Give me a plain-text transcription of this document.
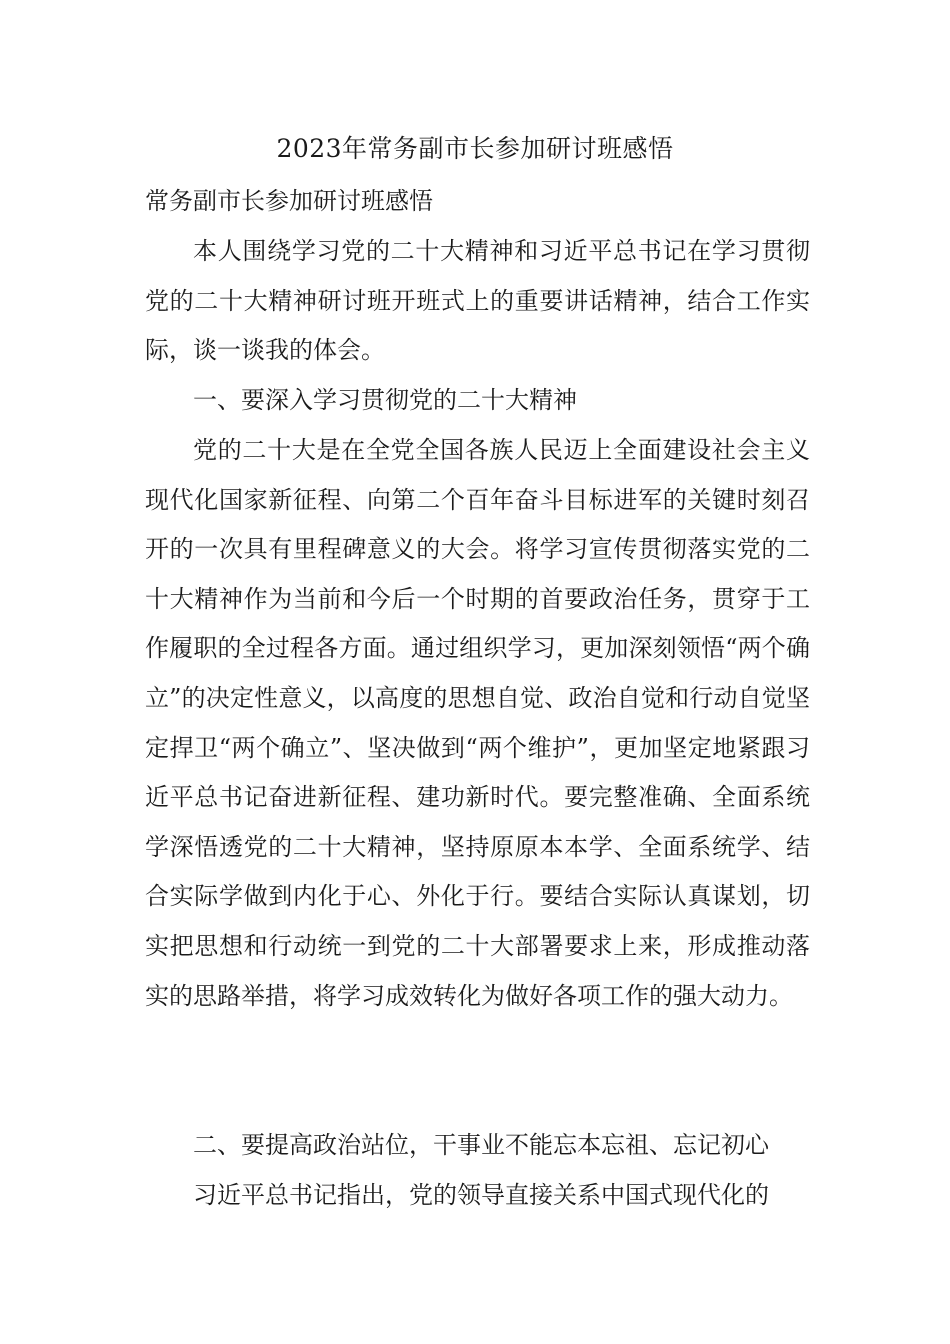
2023年常务副市长参加研讨班感悟
常务副市长参加研讨班感悟

本人围绕学习党的二十大精神和习近平总书记在学习贯彻党的二十大精神研讨班开班式上的重要讲话精神，结合工作实际，谈一谈我的体会。

一、要深入学习贯彻党的二十大精神

党的二十大是在全党全国各族人民迈上全面建设社会主义现代化国家新征程、向第二个百年奋斗目标进军的关键时刻召开的一次具有里程碑意义的大会。将学习宣传贯彻落实党的二十大精神作为当前和今后一个时期的首要政治任务，贯穿于工作履职的全过程各方面。通过组织学习，更加深刻领悟“两个确立”的决定性意义，以高度的思想自觉、政治自觉和行动自觉坚定捍卫“两个确立”、坚决做到“两个维护”，更加坚定地紧跟习近平总书记奋进新征程、建功新时代。要完整准确、全面系统学深悟透党的二十大精神，坚持原原本本学、全面系统学、结合实际学做到内化于心、外化于行。要结合实际认真谋划，切实把思想和行动统一到党的二十大部署要求上来，形成推动落实的思路举措，将学习成效转化为做好各项工作的强大动力。

二、要提高政治站位，干事业不能忘本忘祖、忘记初心

习近平总书记指出，党的领导直接关系中国式现代化的
